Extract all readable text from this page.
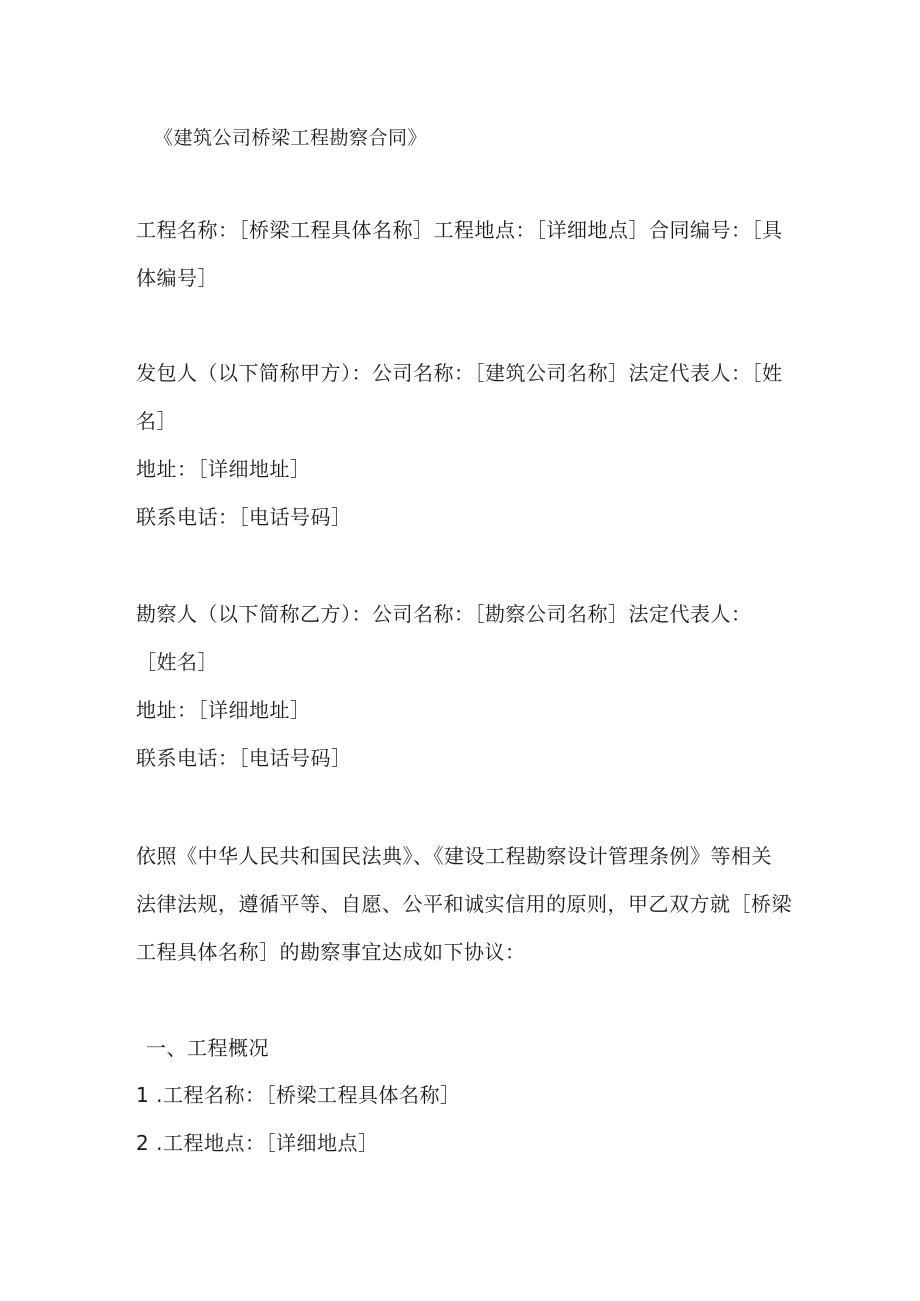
《建筑公司桥梁工程勘察合同》
工程名称：［桥梁工程具体名称］工程地点：［详细地点］合同编号：［具
体编号］
发包人（以下简称甲方）：公司名称：［建筑公司名称］法定代表人：［姓
名］
地址：［详细地址］
联系电话：［电话号码］
勘察人（以下简称乙方）：公司名称：［勘察公司名称］法定代表人：
［姓名］
地址：［详细地址］
联系电话：［电话号码］
依照《中华人民共和国民法典》、《建设工程勘察设计管理条例》等相关
法律法规，遵循平等、自愿、公平和诚实信用的原则，甲乙双方就［桥梁
工程具体名称］的勘察事宜达成如下协议：
一、工程概况
1 .工程名称：［桥梁工程具体名称］
2 .工程地点：［详细地点］
